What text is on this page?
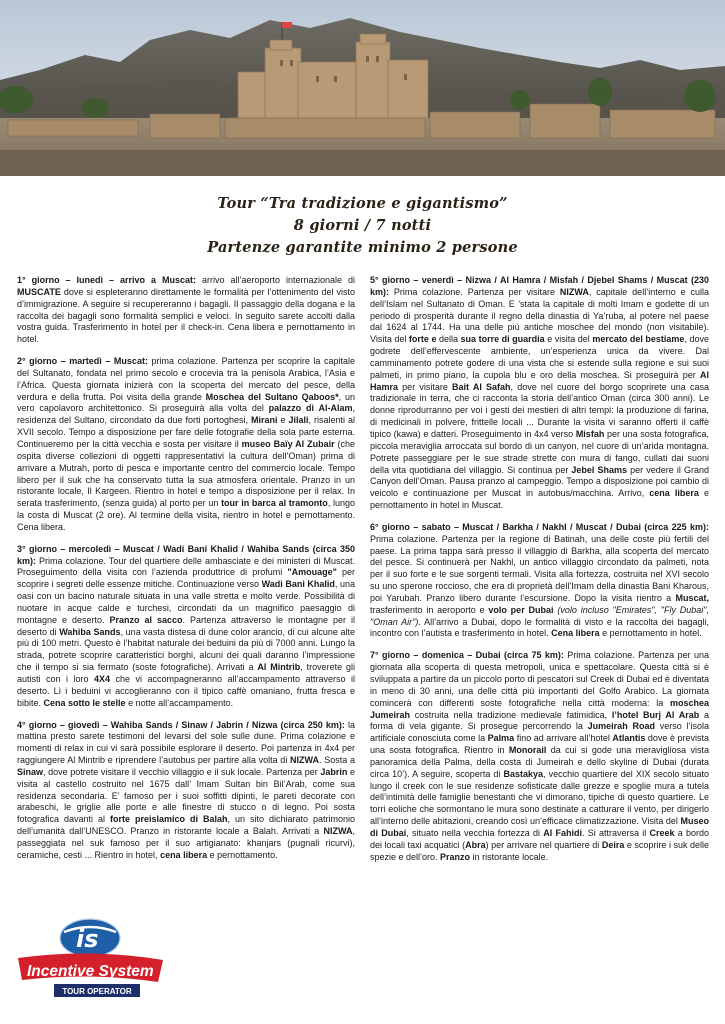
Tour “Tra tradizione e gigantismo”
8 giorni / 7 notti
Partenze garantite minimo 2 persone

1° giorno – lunedì – arrivo a Muscat: arrivo all’aeroporto internazionale di MUSCATE dove si espleteranno direttamente le formalità per l’ottenimento del visto d’immigrazione. A seguire si recupereranno i bagagli. Il passaggio della dogana e la raccolta dei bagagli sono formalità semplici e veloci. In seguito sarete accolti dalla vostra guida. Trasferimento in hotel per il check-in. Cena libera e pernottamento in hotel.

2° giorno – martedì – Muscat: prima colazione. Partenza per scoprire la capitale del Sultanato, fondata nel primo secolo e crocevia tra la penisola Arabica, l’Asia e l’Africa. Questa giornata inizierà con la scoperta del mercato del pesce, della verdura e della frutta. Poi visita della grande Moschea del Sultano Qaboos*, un vero capolavoro architettonico. Si proseguirà alla volta del palazzo di Al-Alam, residenza del Sultano, circondato da due forti portoghesi, Mirani e Jilali, risalenti al XVII secolo. Tempo a disposizione per fare delle fotografie della sola parte esterna. Continueremo per la città vecchia e sosta per visitare il museo Baïy Al Zubair (che ospita diverse collezioni di oggetti rappresentativi la cultura dell’Oman) prima di arrivare a Mutrah, porto di pesca e importante centro del commercio locale. Tempo libero per il suk che ha conservato tutta la sua atmosfera orientale. Pranzo in un ristorante locale, Il Kargeen. Rientro in hotel e tempo a disposizione per il relax. In serata trasferimento, (senza guida) al porto per un tour in barca al tramonto, lungo la costa di Muscat (2 ore). Al termine della visita, rientro in hotel e pernottamento. Cena libera.

3° giorno – mercoledì – Muscat / Wadi Bani Khalid / Wahiba Sands (circa 350 km): Prima colazione. Tour del quartiere delle ambasciate e dei ministeri di Muscat. Proseguimento della visita con l’azienda produttrice di profumi "Amouage" per scoprire i segreti delle essenze mitiche. Continuazione verso Wadi Bani Khalid, una oasi con un bacino naturale situata in una valle stretta e molto verde. Possibilità di nuotare in acque calde e turchesi, circondati da un magnifico paesaggio di montagne e deserto. Pranzo al sacco. Partenza attraverso le montagne per il deserto di Wahiba Sands, una vasta distesa di dune color arancio, di cui alcune alte più di 100 metri. Questo è l’habitat naturale dei beduini da più di 7000 anni. Lungo la strada, potrete scoprire caratteristici borghi, alcuni dei quali daranno l’impressione che il tempo si sia fermato (soste fotografiche). Arrivati a Al Mintrib, troverete gli autisti con i loro 4X4 che vi accompagneranno all’accampamento attraverso il deserto. Lì i beduini vi accoglieranno con il tipico caffè omaniano, frutta fresca e bibite. Cena sotto le stelle e notte all’accampamento.

4° giorno – giovedì – Wahiba Sands / Sinaw / Jabrin / Nizwa (circa 250 km): la mattina presto sarete testimoni del levarsi del sole sulle dune. Prima colazione e momenti di relax in cui vi sarà possibile esplorare il deserto. Poi partenza in 4x4 per raggiungere Al Mintrib e riprendere l’autobus per partire alla volta di NIZWA. Sosta a Sinaw, dove potrete visitare il vecchio villaggio e il suk locale. Partenza per Jabrin e visita al castello costruito nel 1675 dall’ Imam Sultan bin Bil’Arab, come sua residenza secondaria. E’ famoso per i suoi soffitti dipinti, le pareti decorate con arabeschi, le griglie alle porte e alle finestre di stucco o di legno. Poi sosta fotografica davanti al forte preislamico di Balah, un sito dichiarato patrimonio dell’umanità dall’UNESCO. Pranzo in ristorante locale a Balah. Arrivati a NIZWA, passeggiata nel suk famoso per il suo artigianato: khanjars (pugnali ricurvi), ceramiche, cesti ... Rientro in hotel, cena libera e pernottamento.

5° giorno – venerdì – Nizwa / Al Hamra / Misfah / Djebel Shams / Muscat (230 km): Prima colazione. Partenza per visitare NIZWA, capitale dell’interno e culla dell’Islam nel Sultanato di Oman. E ’stata la capitale di molti Imam e godette di un periodo di prosperità durante il regno della dinastia di Ya’ruba, al potere nel paese dal 1624 al 1744. Ha una delle più antiche moschee del mondo (non visitabile). Visita del forte e della sua torre di guardia e visita del mercato del bestiame, dove godrete dell’effervescente ambiente, un’esperienza unica da vivere. Dal camminamento potrete godere di una vista che si estende sulla regione e sui suoi palmeti, in primo piano, la cupola blu e oro della moschea. Si proseguirà per Al Hamra per visitare Bait Al Safah, dove nel cuore del borgo scoprirete una casa tradizionale in terra, che ci racconta la storia dell’antico Oman (circa 300 anni). Le donne riprodurranno per voi i gesti dei mestieri di altri tempi: la produzione di farina, di medicinali in polvere, frittelle locali ... Durante la visita vi saranno offerti il caffè tipico (kawa) e datteri. Proseguimento in 4x4 verso Misfah per una sosta fotografica, piccola meraviglia arroccata sul bordo di un canyon, nel cuore di un’arida montagna. Potrete passeggiare per le sue strade strette con mura di fango, cullati dai suoni della vita quotidiana del villaggio. Si continua per Jebel Shams per vedere il Grand Canyon dell’Oman. Pausa pranzo al campeggio. Tempo a disposizione poi cambio di veicolo e continuazione per Muscat in autobus/macchina. Arrivo, cena libera e pernottamento in hotel in Muscat.

6° giorno – sabato – Muscat / Barkha / Nakhl / Muscat / Dubai (circa 225 km): Prima colazione. Partenza per la regione di Batinah, una delle coste più fertili del paese. La prima tappa sarà presso il villaggio di Barkha, alla scoperta del mercato del pesce. Si continuerà per Nakhl, un antico villaggio circondato da palmeti, nota per il suo forte e le sue sorgenti termali. Visita alla fortezza, costruita nel XVI secolo su uno sperone roccioso, che era di proprietà dell’Imam della dinastia Bani Kharous, poi Yarubah. Pranzo libero durante l’escursione. Dopo la visita rientro a Muscat, trasferimento in aeroporto e volo per Dubai (volo incluso "Emirates", "Fly Dubai", "Oman Air"). All’arrivo a Dubai, dopo le formalità di visto e la raccolta dei bagagli, incontro con l’autista e trasferimento in hotel. Cena libera e pernottamento in hotel.

7° giorno – domenica – Dubai (circa 75 km): Prima colazione. Partenza per una giornata alla scoperta di questa metropoli, unica e spettacolare. Questa città si è sviluppata a partire da un piccolo porto di pescatori sul Creek di Dubai ed è diventata in meno di 30 anni, una delle città più importanti del Golfo Arabico. La giornata comincerà con differenti soste fotografiche nella città moderna: la moschea Jumeirah costruita nella tradizione medievale fatimidica, l’hotel Burj Al Arab a forma di vela gigante. Si prosegue percorrendo la Jumeirah Road verso l’isola artificiale conosciuta come la Palma fino ad arrivare all’hotel Atlantis dove è prevista una sosta fotografica. Rientro in Monorail da cui si gode una meravigliosa vista panoramica della Palma, della costa di Jumeirah e dello skyline di Dubai (durata circa 10’). A seguire, scoperta di Bastakya, vecchio quartiere del XIX secolo situato lungo il creek con le sue residenze sofisticate dalle grezze e spoglie mura a tutela dell’intimità delle famiglie benestanti che vi dimorano, tipiche di questo quartiere. Le torri eoliche che sormontano le mura sono destinate a catturare il vento, per dirigerlo all’interno delle abitazioni, creando così un’efficace climatizzazione. Visita del Museo di Dubai, situato nella vecchia fortezza di Al Fahidi. Si attraversa il Creek a bordo dei locali taxi acquatici (Abra) per arrivare nel quartiere di Deira e scoprire i suk delle spezie e dell’oro. Pranzo in ristorante locale.

is
Incentive System
TOUR OPERATOR
